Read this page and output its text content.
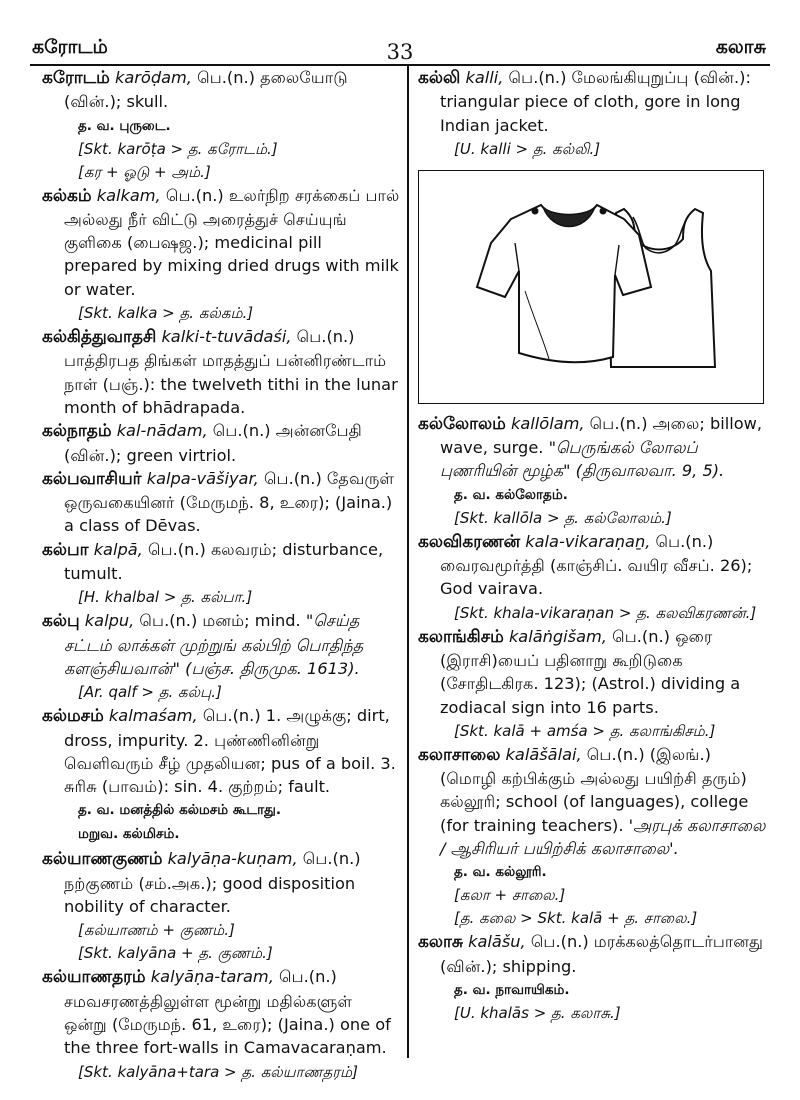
கரோடம்	33	கலாசு

கரோடம் karōḍam, பெ.(n.) தலையோடு (வின்.); skull.

த. வ. புருடை.
[Skt. karōṭa > த. கரோடம்.]
[கர + ஓடு + அம்.]

கல்கம் kalkam, பெ.(n.) உலர்நிற சரக்கைப் பால் அல்லது நீர் விட்டு அரைத்துச் செய்யுங் குளிகை (பைஷஜ.); medicinal pill prepared by mixing dried drugs with milk or water.

[Skt. kalka > த. கல்கம்.]

கல்கித்துவாதசி kalki-t-tuvādaśi, பெ.(n.) பாத்திரபத திங்கள் மாதத்துப் பன்னிரண்டாம் நாள் (பஞ்.): the twelveth tithi in the lunar month of bhādrapada.

கல்நாதம் kal-nādam, பெ.(n.) அன்னபேதி (வின்.); green virtriol.

கல்பவாசியர் kalpa-vāšiyar, பெ.(n.) தேவருள் ஒருவகையினர் (மேருமந். 8, உரை); (Jaina.) a class of Dēvas.

கல்பா kalpā, பெ.(n.) கலவரம்; disturbance, tumult.

[H. khalbal > த. கல்பா.]

கல்பு kalpu, பெ.(n.) மனம்; mind. "செய்த சட்டம் லாக்கள் முற்றுங் கல்பிற் பொதிந்த களஞ்சியவான்" (பஞ்ச. திருமுக. 1613).

[Ar. qalf > த. கல்பு.]

கல்மசம் kalmaśam, பெ.(n.) 1. அழுக்கு; dirt, dross, impurity. 2. புண்ணினின்று வெளிவரும் சீழ் முதலியன; pus of a boil. 3. சுரிசு (பாவம்): sin. 4. குற்றம்; fault.

த. வ. மனத்தில் கல்மசம் கூடாது.
மறுவ. கல்மிசம்.

கல்யாணகுணம் kalyāṇa-kuṇam, பெ.(n.) நற்குணம் (சம்.அக.); good disposition nobility of character.

[கல்யாணம் + குணம்.]
[Skt. kalyāna + த. குணம்.]

கல்யாணதரம் kalyāṇa-taram, பெ.(n.) சமவசரணத்திலுள்ள மூன்று மதில்களுள் ஒன்று (மேருமந். 61, உரை); (Jaina.) one of the three fort-walls in Camavacaraṇam.

[Skt. kalyāna+tara > த. கல்யாணதரம்]

கல்லி kalli, பெ.(n.) மேலங்கியுறுப்பு (வின்.): triangular piece of cloth, gore in long Indian jacket.

[U. kalli > த. கல்லி.]

கல்லோலம் kallōlam, பெ.(n.) அலை; billow, wave, surge. "பெருங்கல் லோலப் புணரியின் மூழ்க" (திருவாலவா. 9, 5).

த. வ. கல்லோதம்.
[Skt. kallōla > த. கல்லோலம்.]

கலவிகரணன் kala-vikaraṇaṉ, பெ.(n.) வைரவமூர்த்தி (காஞ்சிப். வயிர வீசப். 26); God vairava.

[Skt. khala-vikaraṇan > த. கலவிகரணன்.]

கலாங்கிசம் kalāṅgišam, பெ.(n.) ஒரை (இராசி)யைப் பதினாறு கூறிடுகை (சோதிடகிரக. 123); (Astrol.) dividing a zodiacal sign into 16 parts.

[Skt. kalā + amśa > த. கலாங்கிசம்.]

கலாசாலை kalāšālai, பெ.(n.) (இலங்.) (மொழி கற்பிக்கும் அல்லது பயிற்சி தரும்) கல்லூரி; school (of languages), college (for training teachers). 'அரபுக் கலாசாலை / ஆசிரியர் பயிற்சிக் கலாசாலை'.

த. வ. கல்லூரி.
[கலா + சாலை.]
[த. கலை > Skt. kalā + த. சாலை.]

கலாசு kalāšu, பெ.(n.) மரக்கலத்தொடர்பானது (வின்.); shipping.

த. வ. நாவாயிகம்.
[U. khalās > த. கலாசு.]
